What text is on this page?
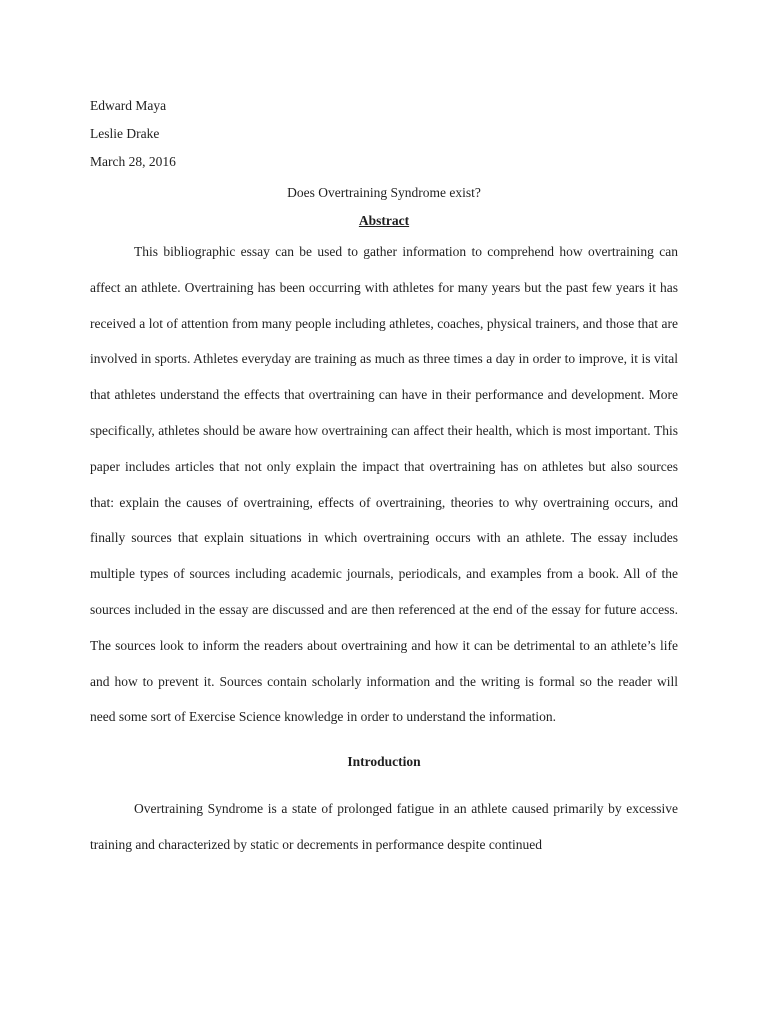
Edward Maya
Leslie Drake
March 28, 2016
Does Overtraining Syndrome exist?
Abstract

This bibliographic essay can be used to gather information to comprehend how overtraining can affect an athlete. Overtraining has been occurring with athletes for many years but the past few years it has received a lot of attention from many people including athletes, coaches, physical trainers, and those that are involved in sports. Athletes everyday are training as much as three times a day in order to improve, it is vital that athletes understand the effects that overtraining can have in their performance and development. More specifically, athletes should be aware how overtraining can affect their health, which is most important. This paper includes articles that not only explain the impact that overtraining has on athletes but also sources that: explain the causes of overtraining, effects of overtraining, theories to why overtraining occurs, and finally sources that explain situations in which overtraining occurs with an athlete. The essay includes multiple types of sources including academic journals, periodicals, and examples from a book. All of the sources included in the essay are discussed and are then referenced at the end of the essay for future access. The sources look to inform the readers about overtraining and how it can be detrimental to an athlete’s life and how to prevent it. Sources contain scholarly information and the writing is formal so the reader will need some sort of Exercise Science knowledge in order to understand the information.

Introduction

Overtraining Syndrome is a state of prolonged fatigue in an athlete caused primarily by excessive training and characterized by static or decrements in performance despite continued
